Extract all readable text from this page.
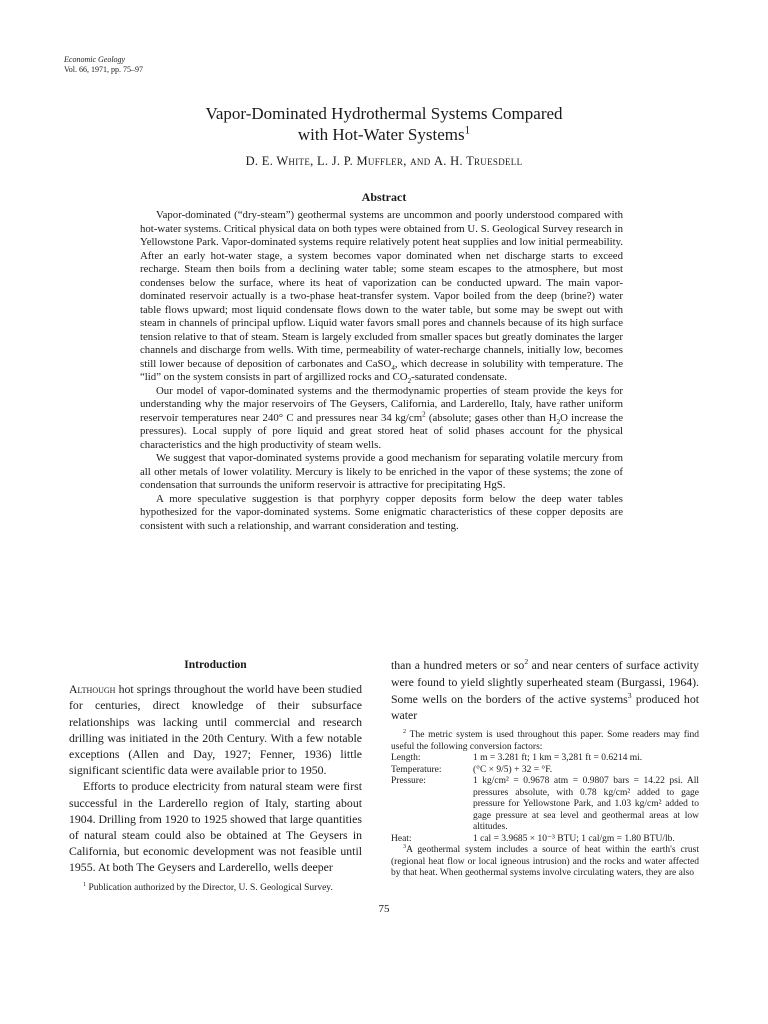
Economic Geology
Vol. 66, 1971, pp. 75–97
Vapor-Dominated Hydrothermal Systems Compared
with Hot-Water Systems$^1$
D. E. White, L. J. P. Muffler, and A. H. Truesdell
Abstract

Vapor-dominated (“dry-steam”) geothermal systems are uncommon and poorly understood compared with hot-water systems. Critical physical data on both types were obtained from U. S. Geological Survey research in Yellowstone Park. Vapor-dominated systems require relatively potent heat supplies and low initial permeability. After an early hot-water stage, a system becomes vapor dominated when net discharge starts to exceed recharge. Steam then boils from a declining water table; some steam escapes to the atmosphere, but most condenses below the surface, where its heat of vaporization can be conducted upward. The main vapor-dominated reservoir actually is a two-phase heat-transfer system. Vapor boiled from the deep (brine?) water table flows upward; most liquid condensate flows down to the water table, but some may be swept out with steam in channels of principal upflow. Liquid water favors small pores and channels because of its high surface tension relative to that of steam. Steam is largely excluded from smaller spaces but greatly dominates the larger channels and discharge from wells. With time, permeability of water-recharge channels, initially low, becomes still lower because of deposition of carbonates and CaSO$_4$, which decrease in solubility with temperature. The “lid” on the system consists in part of argillized rocks and $CO_2$-saturated condensate.

Our model of vapor-dominated systems and the thermodynamic properties of steam provide the keys for understanding why the major reservoirs of The Geysers, California, and Larderello, Italy, have rather uniform reservoir temperatures near 240° C and pressures near 34 $kg/cm^2$ (absolute; gases other than $H_2O$ increase the pressures). Local supply of pore liquid and great stored heat of solid phases account for the physical characteristics and the high productivity of steam wells.

We suggest that vapor-dominated systems provide a good mechanism for separating volatile mercury from all other metals of lower volatility. Mercury is likely to be enriched in the vapor of these systems; the zone of condensation that surrounds the uniform reservoir is attractive for precipitating HgS.

A more speculative suggestion is that porphyry copper deposits form below the deep water tables hypothesized for the vapor-dominated systems. Some enigmatic characteristics of these copper deposits are consistent with such a relationship, and warrant consideration and testing.

Introduction

Although hot springs throughout the world have been studied for centuries, direct knowledge of their subsurface relationships was lacking until commercial and research drilling was initiated in the 20th Century. With a few notable exceptions (Allen and Day, 1927; Fenner, 1936) little significant scientific data were available prior to 1950.

Efforts to produce electricity from natural steam were first successful in the Larderello region of Italy, starting about 1904. Drilling from 1920 to 1925 showed that large quantities of natural steam could also be obtained at The Geysers in California, but economic development was not feasible until 1955. At both The Geysers and Larderello, wells deeper

$^1$ Publication authorized by the Director, U. S. Geological Survey.

than a hundred meters or $so^2$ and near centers of surface activity were found to yield slightly superheated steam (Burgassi, 1964). Some wells on the borders of the active systems$^3$ produced hot water

$^2$ The metric system is used throughout this paper. Some readers may find useful the following conversion factors:

Length:	1 m = 3.281 ft; 1 km = 3,281 ft = 0.6214 mi.
Temperature:	(°C × 9/5) + 32 = °F.
Pressure:	1 kg/cm² = 0.9678 atm = 0.9807 bars = 14.22 psi. All pressures absolute, with 0.78 kg/cm² added to gage pressure for Yellowstone Park, and 1.03 kg/cm² added to gage pressure at sea level and geothermal areas at low altitudes.
Heat:	1 cal = 3.9685 × 10⁻³ BTU; 1 cal/gm = 1.80 BTU/lb.

$^3$A geothermal system includes a source of heat within the earth's crust (regional heat flow or local igneous intrusion) and the rocks and water affected by that heat. When geothermal systems involve circulating waters, they are also

75
